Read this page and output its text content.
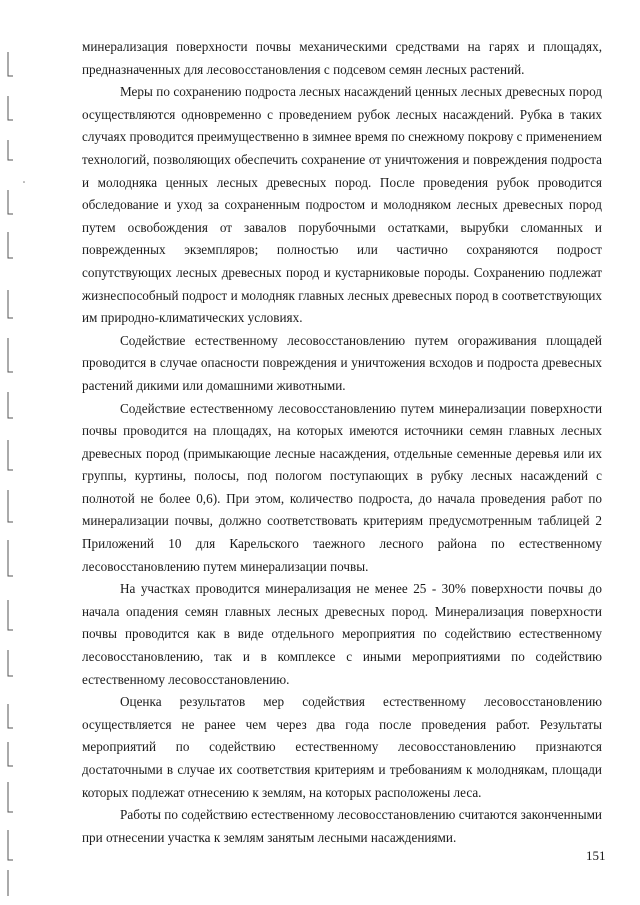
минерализация поверхности почвы механическими средствами на гарях и площадях, предназначенных для лесовосстановления с подсевом семян лесных растений.

Меры по сохранению подроста лесных насаждений ценных лесных древесных пород осуществляются одновременно с проведением рубок лесных насаждений. Рубка в таких случаях проводится преимущественно в зимнее время по снежному покрову с применением технологий, позволяющих обеспечить сохранение от уничтожения и повреждения подроста и молодняка ценных лесных древесных пород. После проведения рубок проводится обследование и уход за сохраненным подростом и молодняком лесных древесных пород путем освобождения от завалов порубочными остатками, вырубки сломанных и поврежденных экземпляров; полностью или частично сохраняются подрост сопутствующих лесных древесных пород и кустарниковые породы. Сохранению подлежат жизнеспособный подрост и молодняк главных лесных древесных пород в соответствующих им природно-климатических условиях.

Содействие естественному лесовосстановлению путем огораживания площадей проводится в случае опасности повреждения и уничтожения всходов и подроста древесных растений дикими или домашними животными.

Содействие естественному лесовосстановлению путем минерализации поверхности почвы проводится на площадях, на которых имеются источники семян главных лесных древесных пород (примыкающие лесные насаждения, отдельные семенные деревья или их группы, куртины, полосы, под пологом поступающих в рубку лесных насаждений с полнотой не более 0,6). При этом, количество подроста, до начала проведения работ по минерализации почвы, должно соответствовать критериям предусмотренным таблицей 2 Приложений 10 для Карельского таежного лесного района по естественному лесовосстановлению путем минерализации почвы.

На участках проводится минерализация не менее 25 - 30% поверхности почвы до начала опадения семян главных лесных древесных пород. Минерализация поверхности почвы проводится как в виде отдельного мероприятия по содействию естественному лесовосстановлению, так и в комплексе с иными мероприятиями по содействию естественному лесовосстановлению.

Оценка результатов мер содействия естественному лесовосстановлению осуществляется не ранее чем через два года после проведения работ. Результаты мероприятий по содействию естественному лесовосстановлению признаются достаточными в случае их соответствия критериям и требованиям к молоднякам, площади которых подлежат отнесению к землям, на которых расположены леса.

Работы по содействию естественному лесовосстановлению считаются законченными при отнесении участка к землям занятым лесными насаждениями.

151
